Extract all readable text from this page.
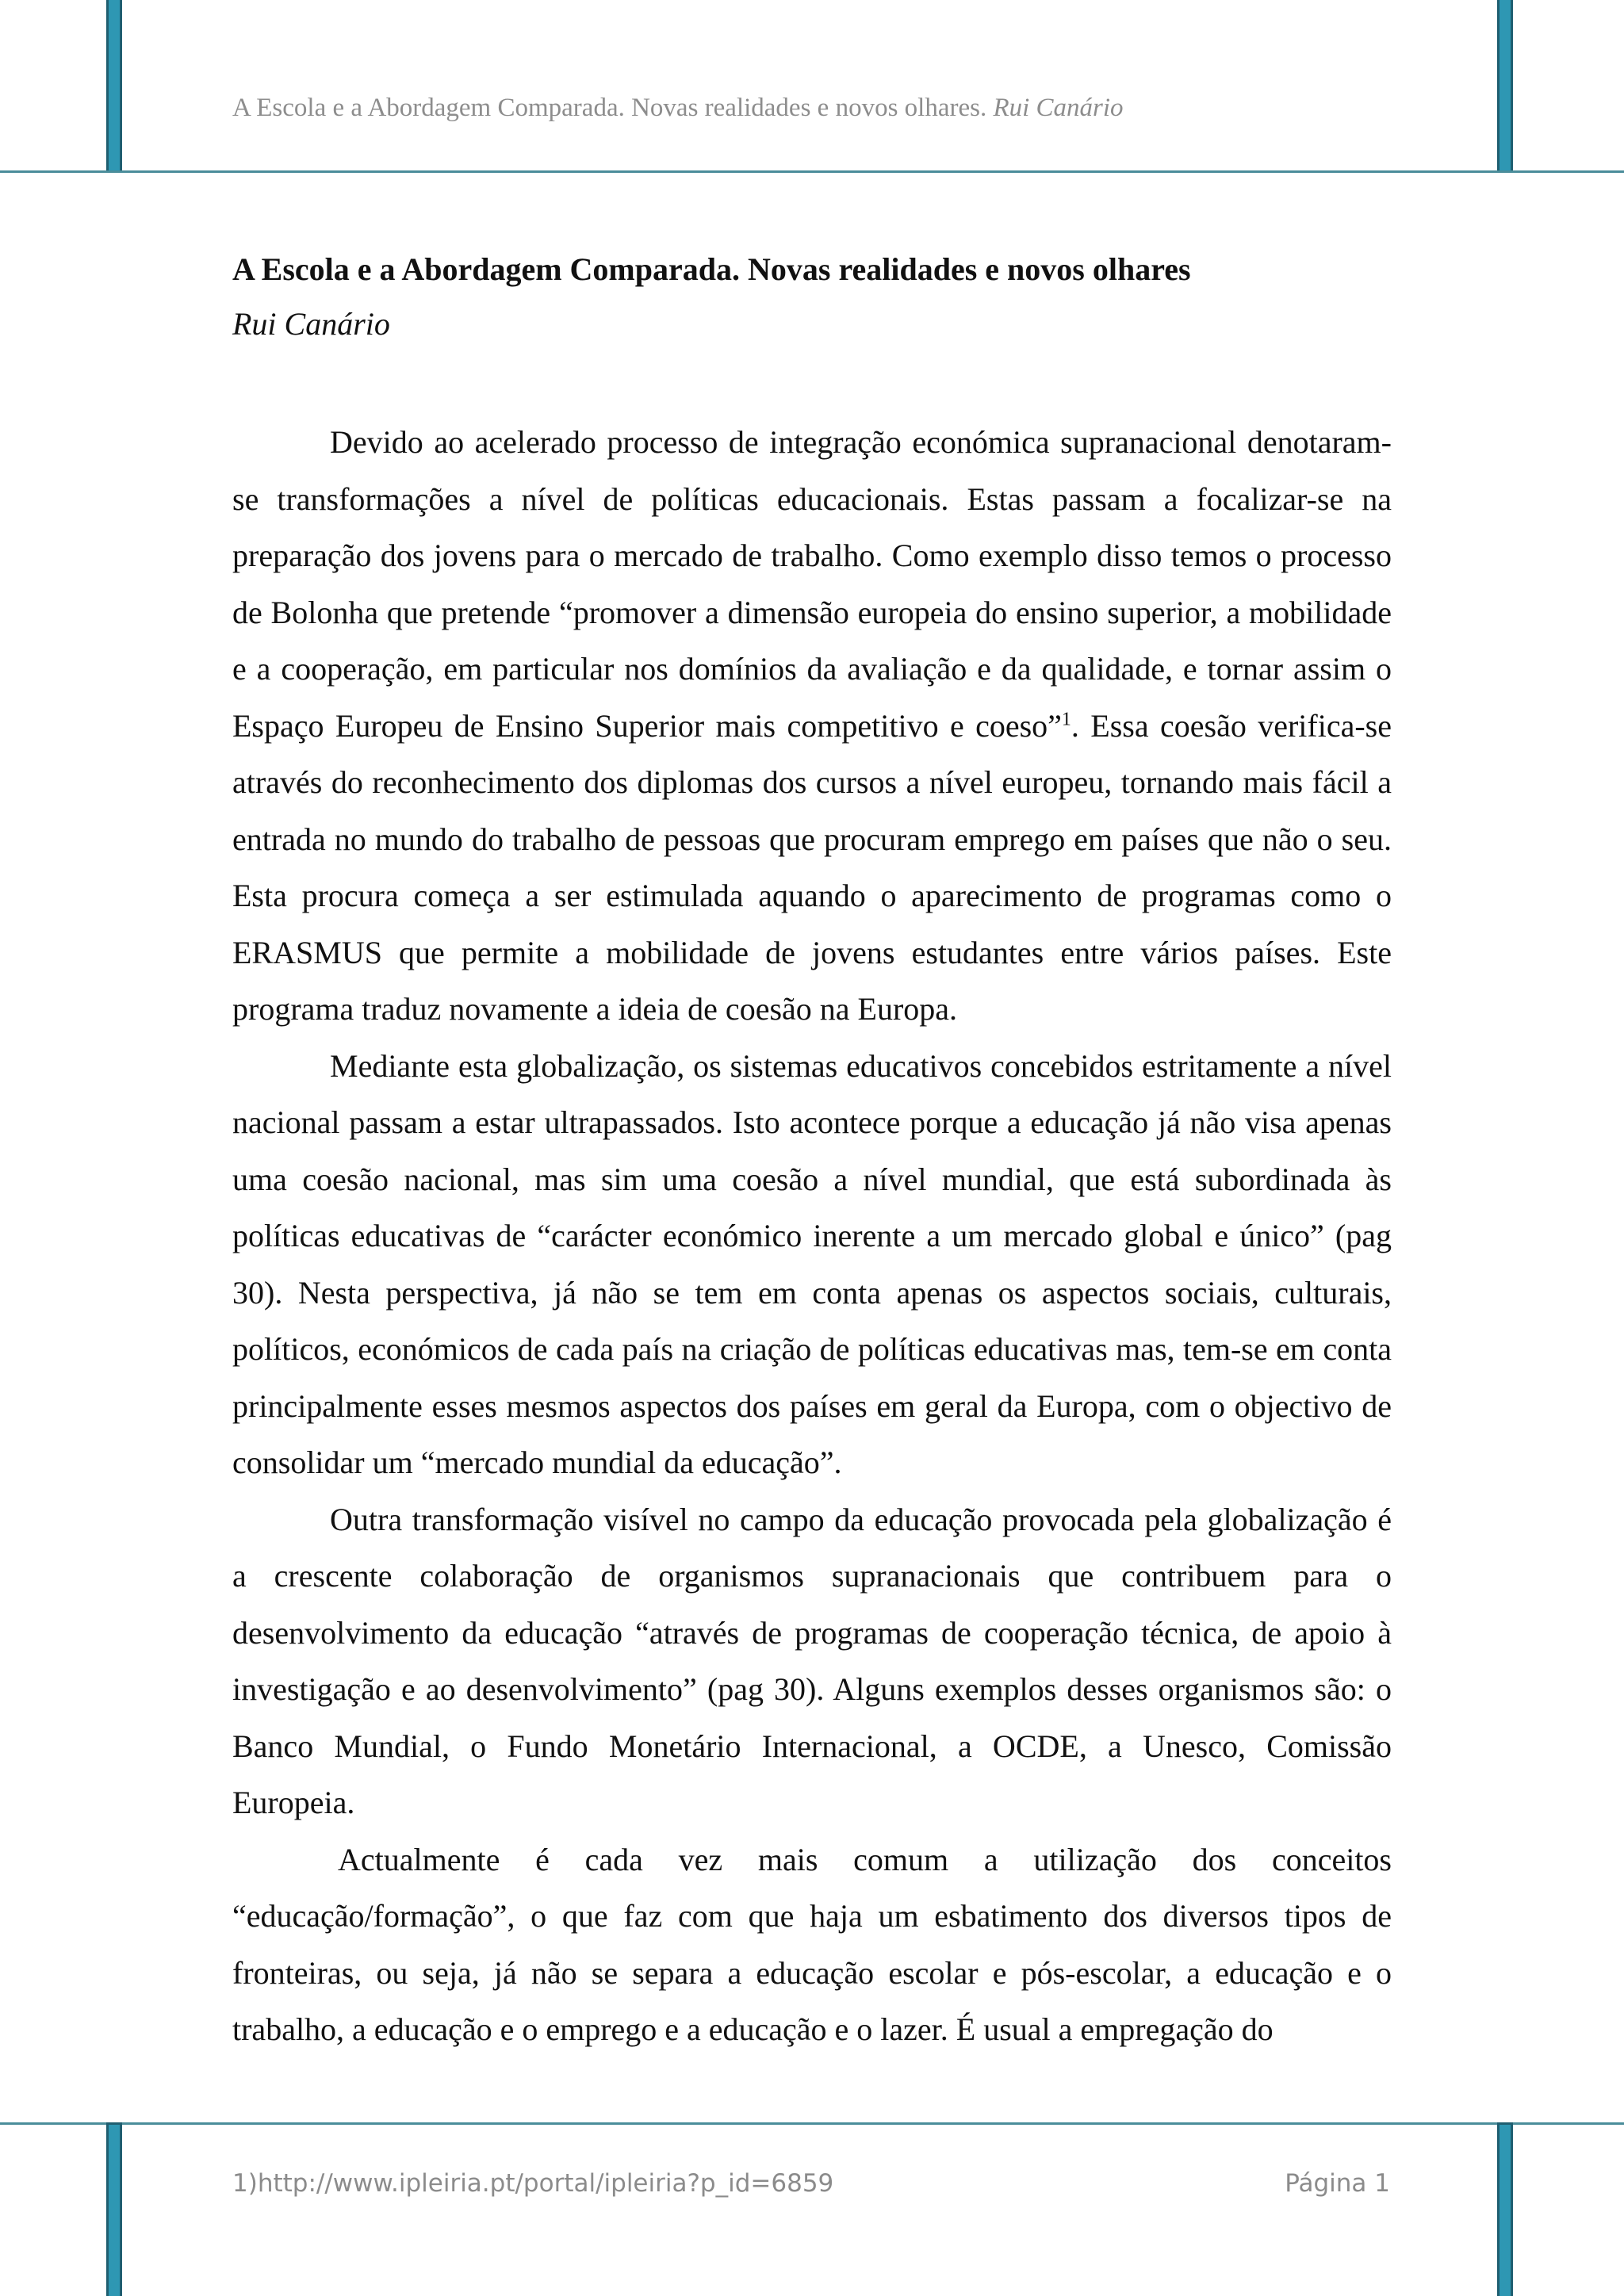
A Escola e a Abordagem Comparada. Novas realidades e novos olhares. Rui Canário
A Escola e a Abordagem Comparada. Novas realidades e novos olhares
Rui Canário

Devido ao acelerado processo de integração económica supranacional denotaram-se transformações a nível de políticas educacionais. Estas passam a focalizar-se na preparação dos jovens para o mercado de trabalho. Como exemplo disso temos o processo de Bolonha que pretende “promover a dimensão europeia do ensino superior, a mobilidade e a cooperação, em particular nos domínios da avaliação e da qualidade, e tornar assim o Espaço Europeu de Ensino Superior mais competitivo e coeso”$^1$. Essa coesão verifica-se através do reconhecimento dos diplomas dos cursos a nível europeu, tornando mais fácil a entrada no mundo do trabalho de pessoas que procuram emprego em países que não o seu. Esta procura começa a ser estimulada aquando o aparecimento de programas como o ERASMUS que permite a mobilidade de jovens estudantes entre vários países. Este programa traduz novamente a ideia de coesão na Europa.

Mediante esta globalização, os sistemas educativos concebidos estritamente a nível nacional passam a estar ultrapassados. Isto acontece porque a educação já não visa apenas uma coesão nacional, mas sim uma coesão a nível mundial, que está subordinada às políticas educativas de “carácter económico inerente a um mercado global e único” (pag 30). Nesta perspectiva, já não se tem em conta apenas os aspectos sociais, culturais, políticos, económicos de cada país na criação de políticas educativas mas, tem-se em conta principalmente esses mesmos aspectos dos países em geral da Europa, com o objectivo de consolidar um “mercado mundial da educação”.

Outra transformação visível no campo da educação provocada pela globalização é a crescente colaboração de organismos supranacionais que contribuem para o desenvolvimento da educação “através de programas de cooperação técnica, de apoio à investigação e ao desenvolvimento” (pag 30). Alguns exemplos desses organismos são: o Banco Mundial, o Fundo Monetário Internacional, a OCDE, a Unesco, Comissão Europeia.

Actualmente é cada vez mais comum a utilização dos conceitos “educação/formação”, o que faz com que haja um esbatimento dos diversos tipos de fronteiras, ou seja, já não se separa a educação escolar e pós-escolar, a educação e o trabalho, a educação e o emprego e a educação e o lazer. É usual a empregação do

1)http://www.ipleiria.pt/portal/ipleiria?p_id=6859	Página 1
